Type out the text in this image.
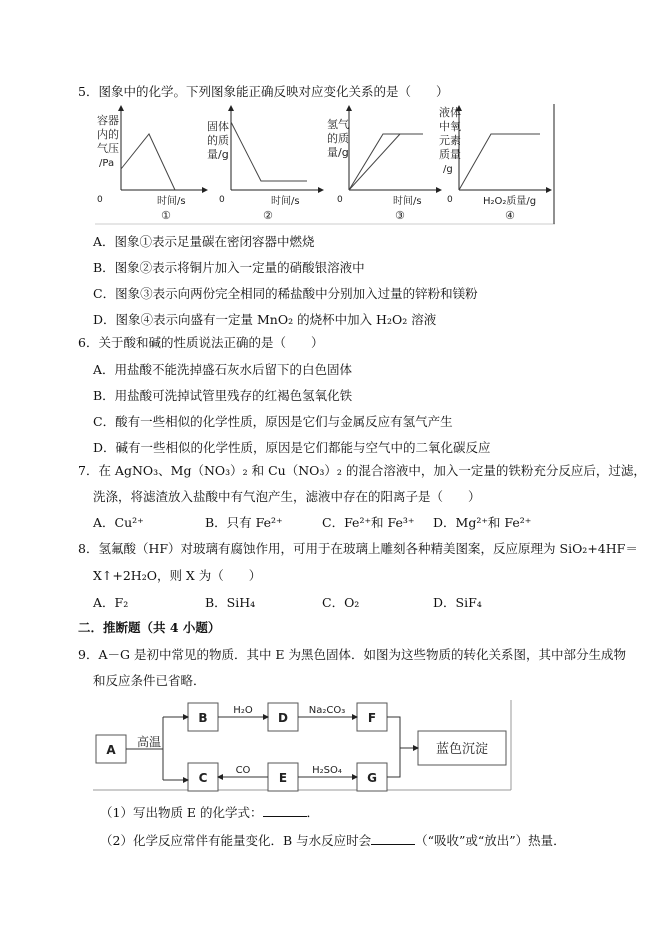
5．图象中的化学。下列图象能正确反映对应变化关系的是（　　）
容器
内的
气压
/Pa
0	时间/s
①
固体
的质
量/g
0	时间/s
②
氢气
的质
量/g
0	时间/s
③
液体
中氧
元素
质量
/g
0	H₂O₂质量/g
④
A．图象①表示足量碳在密闭容器中燃烧
B．图象②表示将铜片加入一定量的硝酸银溶液中
C．图象③表示向两份完全相同的稀盐酸中分别加入过量的锌粉和镁粉
D．图象④表示向盛有一定量 MnO₂ 的烧杯中加入 H₂O₂ 溶液
6．关于酸和碱的性质说法正确的是（　　）
A．用盐酸不能洗掉盛石灰水后留下的白色固体
B．用盐酸可洗掉试管里残存的红褐色氢氧化铁
C．酸有一些相似的化学性质，原因是它们与金属反应有氢气产生
D．碱有一些相似的化学性质，原因是它们都能与空气中的二氧化碳反应
7．在 AgNO₃、Mg（NO₃）₂ 和 Cu（NO₃）₂ 的混合溶液中，加入一定量的铁粉充分反应后，过滤，
洗涤，将滤渣放入盐酸中有气泡产生，滤液中存在的阳离子是（　　）
A．Cu²⁺	B．只有 Fe²⁺	C．Fe²⁺和 Fe³⁺ D．Mg²⁺和 Fe²⁺
8．氢氟酸（HF）对玻璃有腐蚀作用，可用于在玻璃上雕刻各种精美图案，反应原理为 SiO₂+4HF＝
X↑+2H₂O，则 X 为（　　）
A．F₂	B．SiH₄	C．O₂	D．SiF₄
二．推断题（共 4 小题）
9．A－G 是初中常见的物质．其中 E 为黑色固体．如图为这些物质的转化关系图，其中部分生成物
和反应条件已省略．
A
B
C
D
E
F
G
高温
H₂O	Na₂CO₃
CO	H₂SO₄
蓝色沉淀
（1）写出物质 E 的化学式：	．
（2）化学反应常伴有能量变化．B 与水反应时会	（“吸收”或“放出”）热量．
